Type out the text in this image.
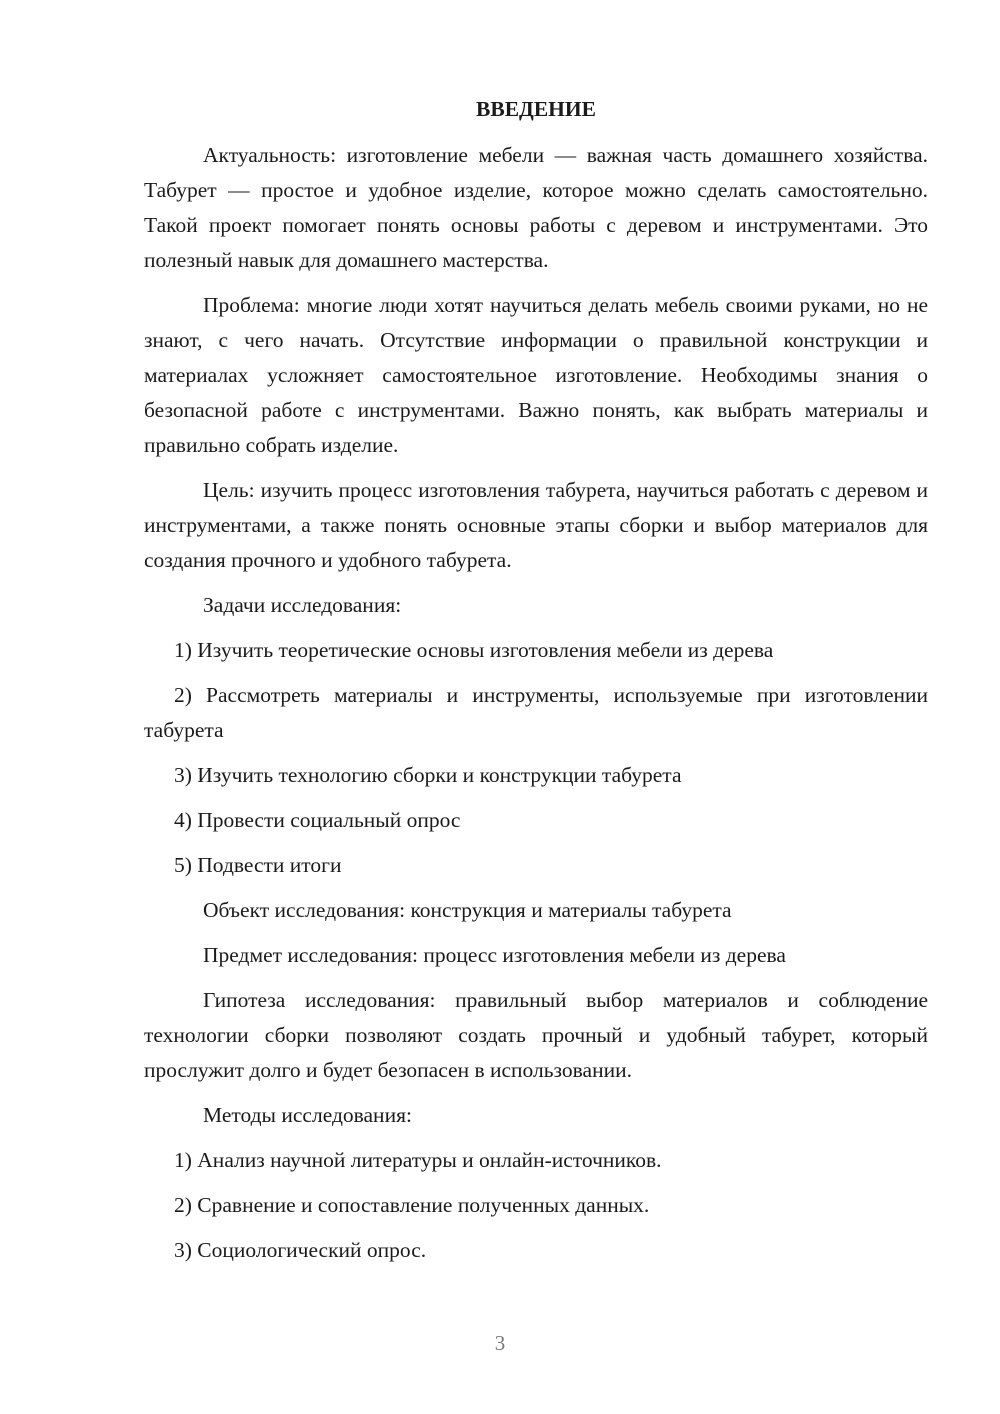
ВВЕДЕНИЕ

Актуальность: изготовление мебели — важная часть домашнего хозяйства. Табурет — простое и удобное изделие, которое можно сделать самостоятельно. Такой проект помогает понять основы работы с деревом и инструментами. Это полезный навык для домашнего мастерства.

Проблема: многие люди хотят научиться делать мебель своими руками, но не знают, с чего начать. Отсутствие информации о правильной конструкции и материалах усложняет самостоятельное изготовление. Необходимы знания о безопасной работе с инструментами. Важно понять, как выбрать материалы и правильно собрать изделие.

Цель: изучить процесс изготовления табурета, научиться работать с деревом и инструментами, а также понять основные этапы сборки и выбор материалов для создания прочного и удобного табурета.

Задачи исследования:

1) Изучить теоретические основы изготовления мебели из дерева

2) Рассмотреть материалы и инструменты, используемые при изготовлении табурета

3) Изучить технологию сборки и конструкции табурета

4) Провести социальный опрос

5) Подвести итоги

Объект исследования: конструкция и материалы табурета

Предмет исследования: процесс изготовления мебели из дерева

Гипотеза исследования: правильный выбор материалов и соблюдение технологии сборки позволяют создать прочный и удобный табурет, который прослужит долго и будет безопасен в использовании.

Методы исследования:

1) Анализ научной литературы и онлайн-источников.

2) Сравнение и сопоставление полученных данных.

3) Социологический опрос.

3
